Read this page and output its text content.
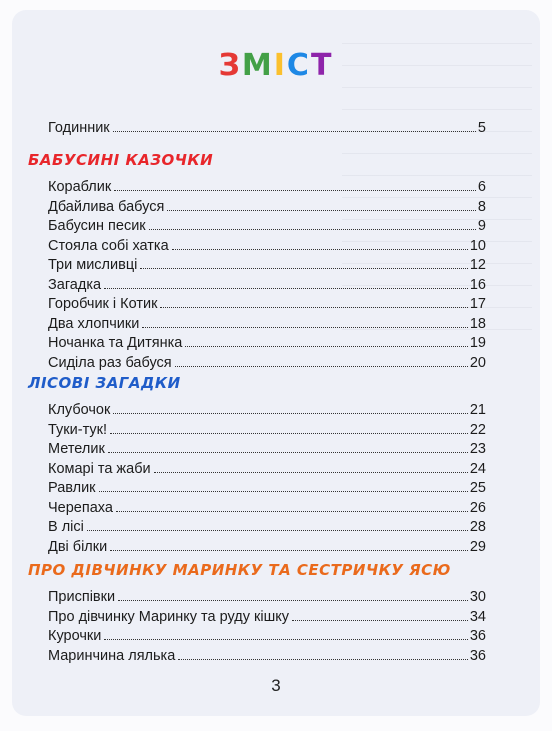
ЗМІСТ
Годинник	5
БАБУСИНІ КАЗОЧКИ
Кораблик	6
Дбайлива бабуся	8
Бабусин песик	9
Стояла собі хатка	10
Три мисливці	12
Загадка	16
Горобчик і Котик	17
Два хлопчики	18
Ночанка та Дитянка	19
Сиділа раз бабуся	20
ЛІСОВІ ЗАГАДКИ
Клубочок	21
Туки-тук!	22
Метелик	23
Комарі та жаби	24
Равлик	25
Черепаха	26
В лісі	28
Дві білки	29
ПРО ДІВЧИНКУ МАРИНКУ ТА СЕСТРИЧКУ ЯСЮ
Приспівки	30
Про дівчинку Маринку та руду кішку	34
Курочки	36
Маринчина лялька	36
3
